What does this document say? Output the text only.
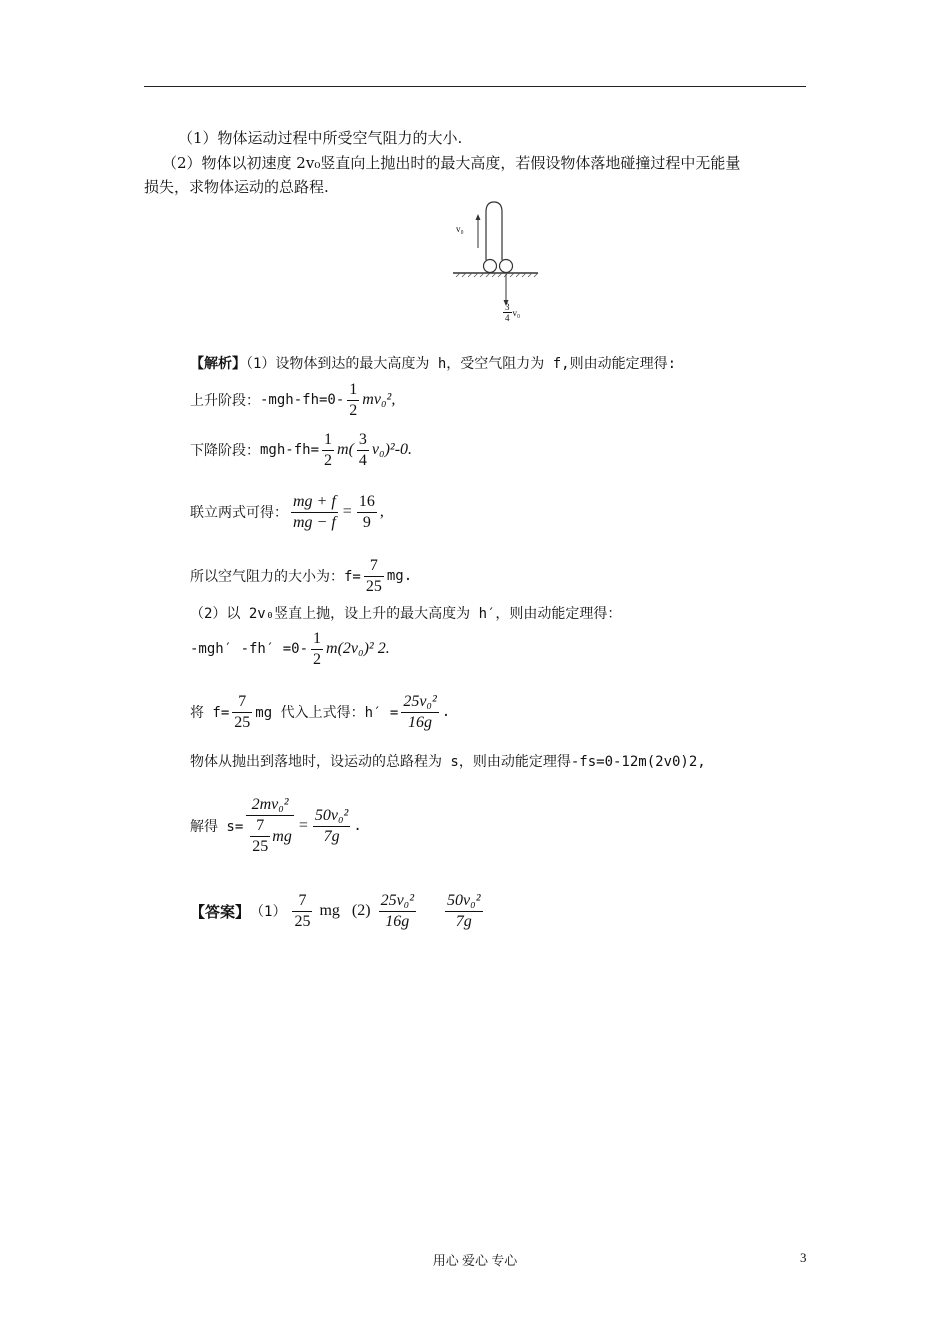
（1）物体运动过程中所受空气阻力的大小.
（2）物体以初速度 2v₀竖直向上抛出时的最大高度，若假设物体落地碰撞过程中无能量
损失，求物体运动的总路程.
v₀
$\frac{3}{4} v_0$
【解析】（1）设物体到达的最大高度为 h，受空气阻力为 f,则由动能定理得:
上升阶段： $-mgh-fh=0- \frac{1}{2} mv_0^2$,
下降阶段： $mgh-fh= \frac{1}{2} m( \frac{3}{4} v_0)^2-0$.
联立两式可得： $\frac{mg + f}{mg - f} = \frac{16}{9}$ ,
所以空气阻力的大小为：$f= \frac{7}{25}$ mg.
（2）以 2v₀竖直上抛，设上升的最大高度为 h′，则由动能定理得：
-mgh′ $-fh' =0- \frac{1}{2} m(2v_0)^2$ 2.
将 $f= \frac{7}{25}$ mg 代入上式得：$h' = \frac{\text{25v₀²}}{16g}$ .
物体从抛出到落地时，设运动的总路程为 s，则由动能定理得-fs=0-12m(2v0)2,
解得 $s= \frac{\text{2mv₀²}}{\frac{7}{25} mg} = \frac{\text{50v₀²}}{7g}$ .
【答案】 $(1) \frac{7}{25}$ mg $(2) \frac{\text{25v₀²}}{16g} \frac{\text{50v₀²}}{7g}$
用心 爱心 专心	3
